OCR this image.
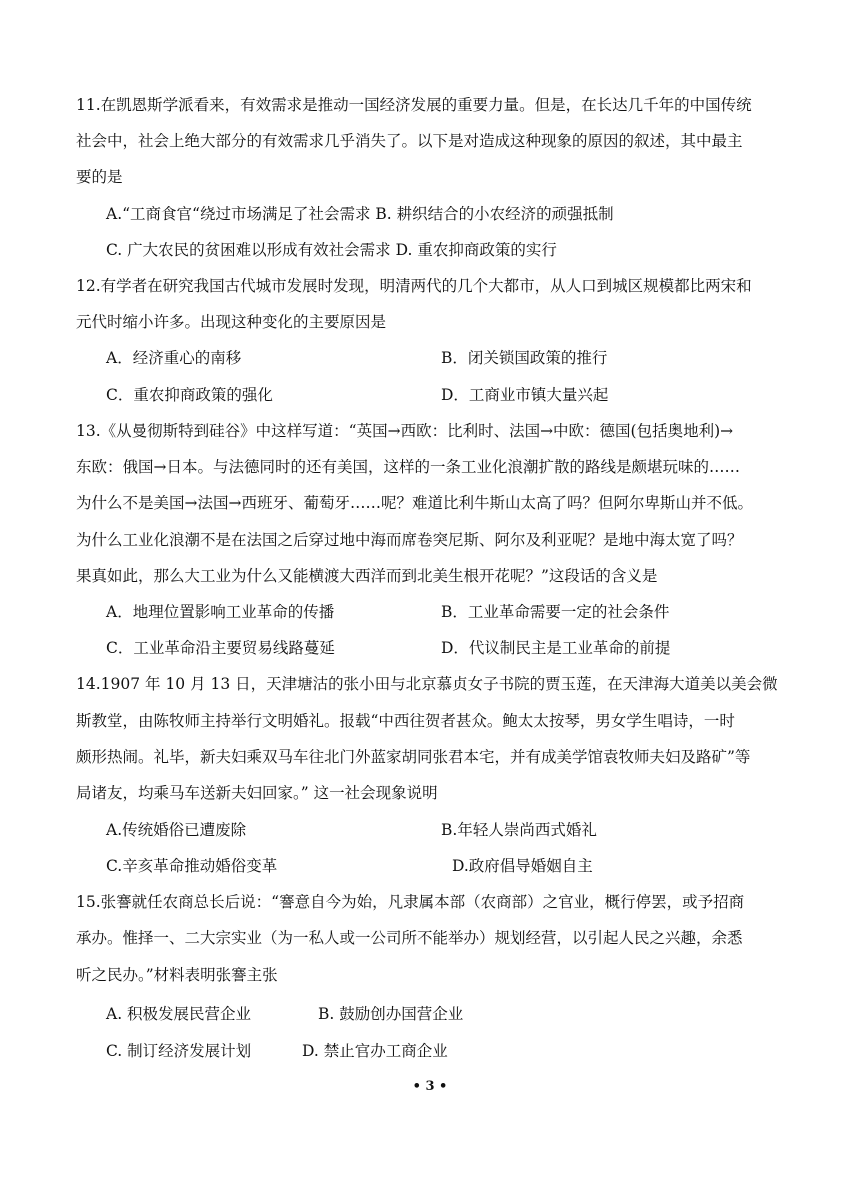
11.在凯恩斯学派看来，有效需求是推动一国经济发展的重要力量。但是，在长达几千年的中国传统
社会中，社会上绝大部分的有效需求几乎消失了。以下是对造成这种现象的原因的叙述，其中最主
要的是
A.“工商食官“绕过市场满足了社会需求 B. 耕织结合的小农经济的顽强抵制
C. 广大农民的贫困难以形成有效社会需求 D. 重农抑商政策的实行
12.有学者在研究我国古代城市发展时发现，明清两代的几个大都市，从人口到城区规模都比两宋和
元代时缩小许多。出现这种变化的主要原因是
A．经济重心的南移	B．闭关锁国政策的推行
C．重农抑商政策的强化	D．工商业市镇大量兴起
13.《从曼彻斯特到硅谷》中这样写道：“英国→西欧：比利时、法国→中欧：德国(包括奥地利)→
东欧：俄国→日本。与法德同时的还有美国，这样的一条工业化浪潮扩散的路线是颇堪玩味的……
为什么不是美国→法国→西班牙、葡萄牙……呢？难道比利牛斯山太高了吗？但阿尔卑斯山并不低。
为什么工业化浪潮不是在法国之后穿过地中海而席卷突尼斯、阿尔及利亚呢？是地中海太宽了吗？
果真如此，那么大工业为什么又能横渡大西洋而到北美生根开花呢？”这段话的含义是
A．地理位置影响工业革命的传播	B．工业革命需要一定的社会条件
C．工业革命沿主要贸易线路蔓延	D．代议制民主是工业革命的前提
14.1907 年 10 月 13 日，天津塘沽的张小田与北京慕贞女子书院的贾玉莲，在天津海大道美以美会微
斯教堂，由陈牧师主持举行文明婚礼。报载“中西往贺者甚众。鲍太太按琴，男女学生唱诗，一时
颇形热闹。礼毕，新夫妇乘双马车往北门外蓝家胡同张君本宅，并有成美学馆袁牧师夫妇及路矿”等
局诸友，均乘马车送新夫妇回家。” 这一社会现象说明
A.传统婚俗已遭废除	B.年轻人崇尚西式婚礼
C.辛亥革命推动婚俗变革	D.政府倡导婚姻自主
15.张謇就任农商总长后说：“謇意自今为始，凡隶属本部（农商部）之官业，概行停罢，或予招商
承办。惟择一、二大宗实业（为一私人或一公司所不能举办）规划经营，以引起人民之兴趣，余悉
听之民办。”材料表明张謇主张
A. 积极发展民营企业	B. 鼓励创办国营企业
C. 制订经济发展计划	D. 禁止官办工商企业
• 3 •
